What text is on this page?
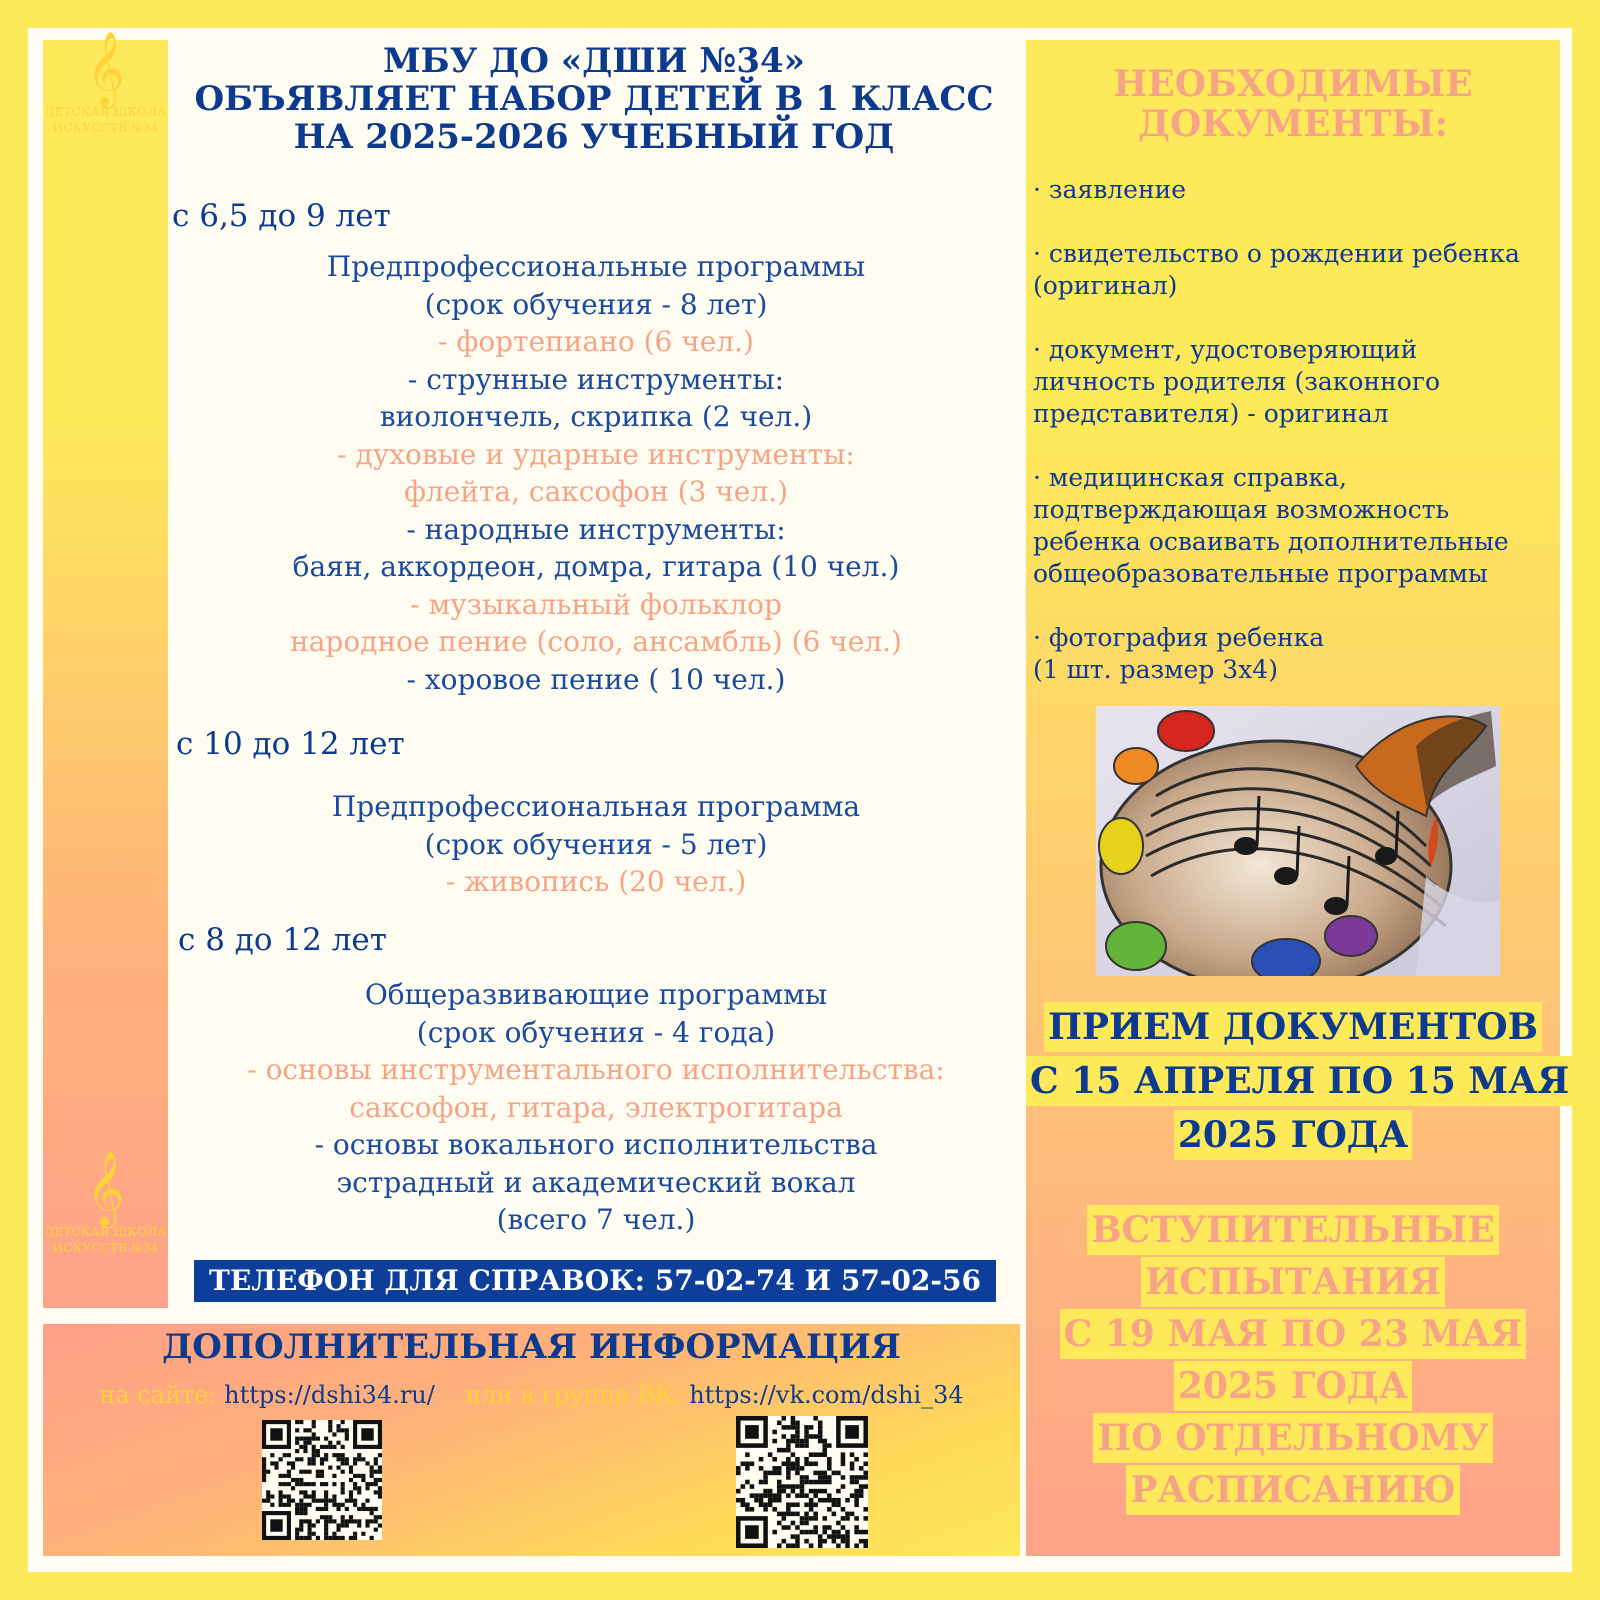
𝄞
ДЕТСКАЯ ШКОЛА
ИСКУССТВ №34
𝄞
ДЕТСКАЯ ШКОЛА
ИСКУССТВ №34
МБУ ДО «ДШИ №34»
ОБЪЯВЛЯЕТ НАБОР ДЕТЕЙ В 1 КЛАСС
НА 2025-2026 УЧЕБНЫЙ ГОД
с 6,5 до 9 лет
Предпрофессиональные программы
(срок обучения - 8 лет)
- фортепиано (6 чел.)
- струнные инструменты:
виолончель, скрипка (2 чел.)
- духовые и ударные инструменты:
флейта, саксофон (3 чел.)
- народные инструменты:
баян, аккордеон, домра, гитара (10 чел.)
- музыкальный фольклор
народное пение (соло, ансамбль) (6 чел.)
- хоровое пение ( 10 чел.)
с 10 до 12 лет
Предпрофессиональная программа
(срок обучения - 5 лет)
- живопись (20 чел.)
с 8 до 12 лет
Общеразвивающие программы
(срок обучения - 4 года)
- основы инструментального исполнительства:
саксофон, гитара, электрогитара
- основы вокального исполнительства
эстрадный и академический вокал
(всего 7 чел.)
ТЕЛЕФОН ДЛЯ СПРАВОК: 57-02-74 И 57-02-56
ДОПОЛНИТЕЛЬНАЯ ИНФОРМАЦИЯ
на сайте: https://dshi34.ru/ или в группе ВК: https://vk.com/dshi_34
НЕОБХОДИМЫЕ
ДОКУМЕНТЫ:

· заявление

· свидетельство о рождении ребенка
(оригинал)

· документ, удостоверяющий
личность родителя (законного
представителя) - оригинал

· медицинская справка,
подтверждающая возможность
ребенка осваивать дополнительные
общеобразовательные программы

· фотография ребенка
(1 шт. размер 3х4)

ПРИЕМ ДОКУМЕНТОВ
С 15 АПРЕЛЯ ПО 15 МАЯ
2025 ГОДА
ВСТУПИТЕЛЬНЫЕ
ИСПЫТАНИЯ
С 19 МАЯ ПО 23 МАЯ
2025 ГОДА
ПО ОТДЕЛЬНОМУ
РАСПИСАНИЮ
